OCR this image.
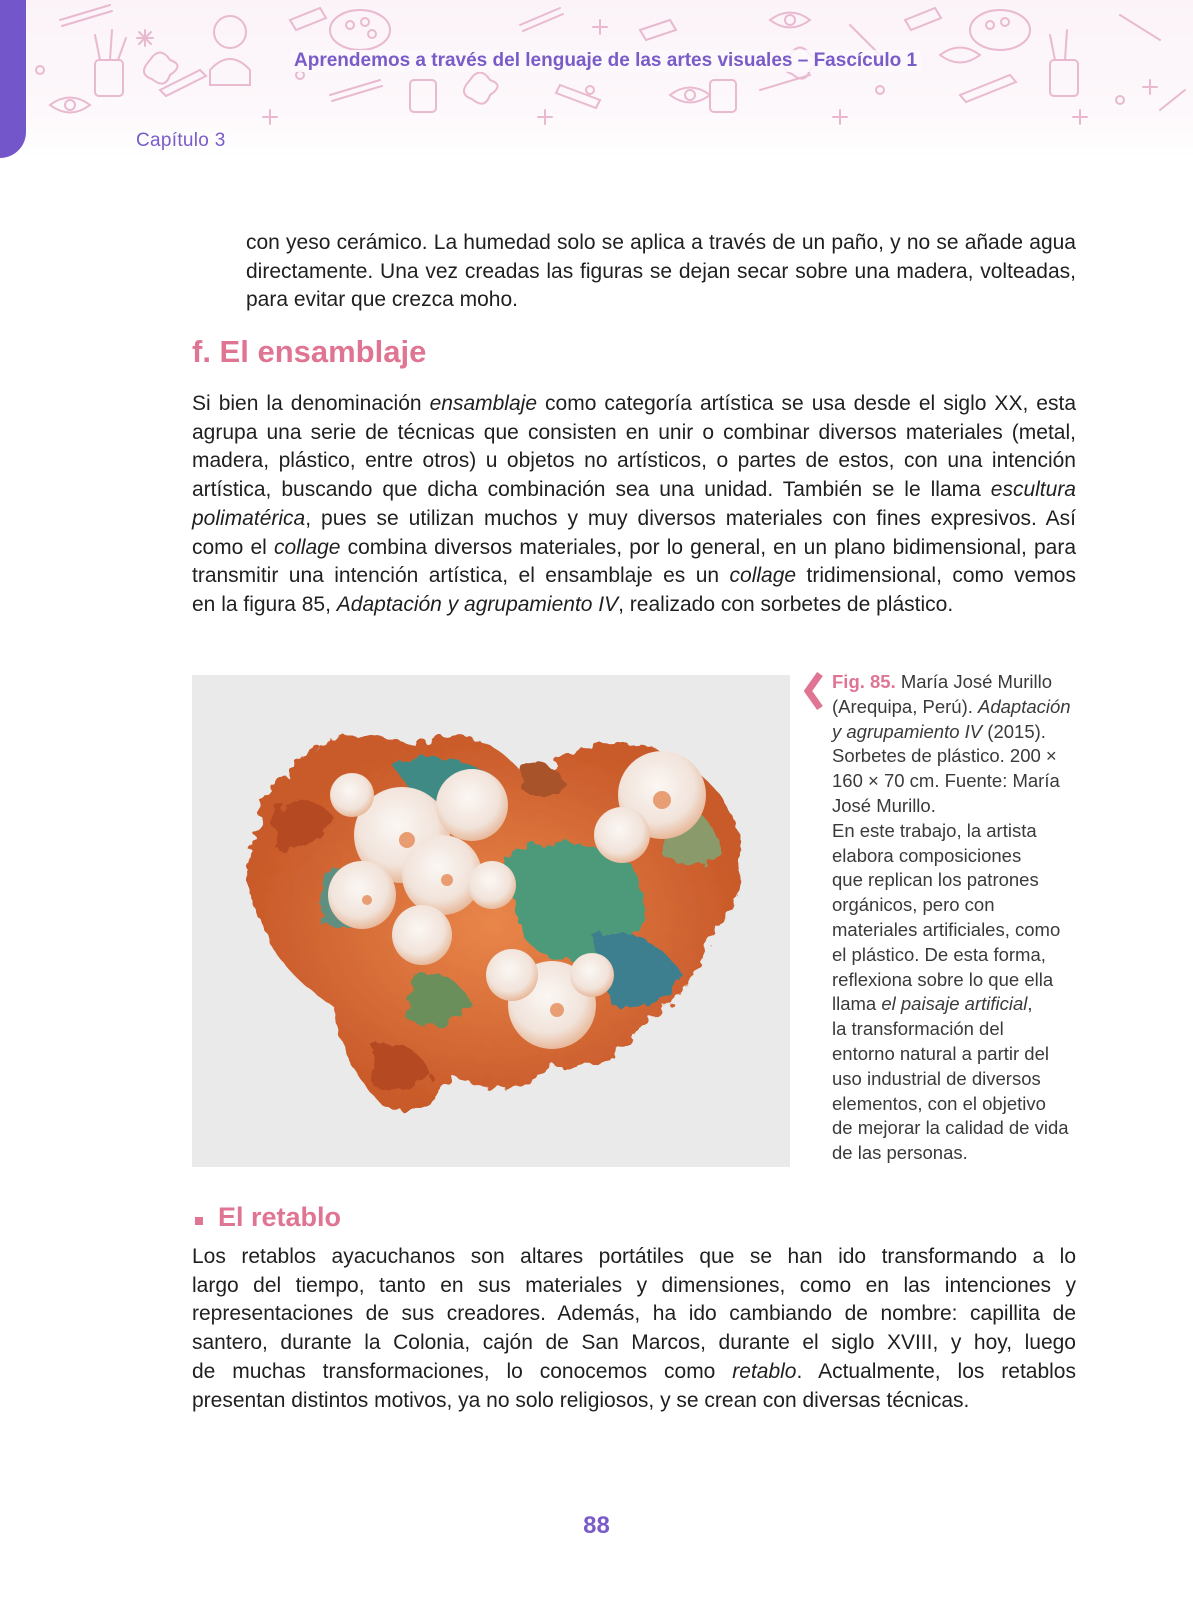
Aprendemos a través del lenguaje de las artes visuales – Fascículo 1
Capítulo 3

con yeso cerámico. La humedad solo se aplica a través de un paño, y no se añade agua
directamente. Una vez creadas las figuras se dejan secar sobre una madera, volteadas,
para evitar que crezca moho.

f. El ensamblaje

Si bien la denominación ensamblaje como categoría artística se usa desde el siglo XX, esta
agrupa una serie de técnicas que consisten en unir o combinar diversos materiales (metal,
madera, plástico, entre otros) u objetos no artísticos, o partes de estos, con una intención
artística, buscando que dicha combinación sea una unidad. También se le llama escultura
polimatérica, pues se utilizan muchos y muy diversos materiales con fines expresivos. Así
como el collage combina diversos materiales, por lo general, en un plano bidimensional, para
transmitir una intención artística, el ensamblaje es un collage tridimensional, como vemos
en la figura 85, Adaptación y agrupamiento IV, realizado con sorbetes de plástico.

Fig. 85. María José Murillo
(Arequipa, Perú). Adaptación
y agrupamiento IV (2015).
Sorbetes de plástico. 200 ×
160 × 70 cm. Fuente: María
José Murillo.
En este trabajo, la artista
elabora composiciones
que replican los patrones
orgánicos, pero con
materiales artificiales, como
el plástico. De esta forma,
reflexiona sobre lo que ella
llama el paisaje artificial,
la transformación del
entorno natural a partir del
uso industrial de diversos
elementos, con el objetivo
de mejorar la calidad de vida
de las personas.

El retablo

Los retablos ayacuchanos son altares portátiles que se han ido transformando a lo
largo del tiempo, tanto en sus materiales y dimensiones, como en las intenciones y
representaciones de sus creadores. Además, ha ido cambiando de nombre: capillita de
santero, durante la Colonia, cajón de San Marcos, durante el siglo XVIII, y hoy, luego
de muchas transformaciones, lo conocemos como retablo. Actualmente, los retablos
presentan distintos motivos, ya no solo religiosos, y se crean con diversas técnicas.

88
